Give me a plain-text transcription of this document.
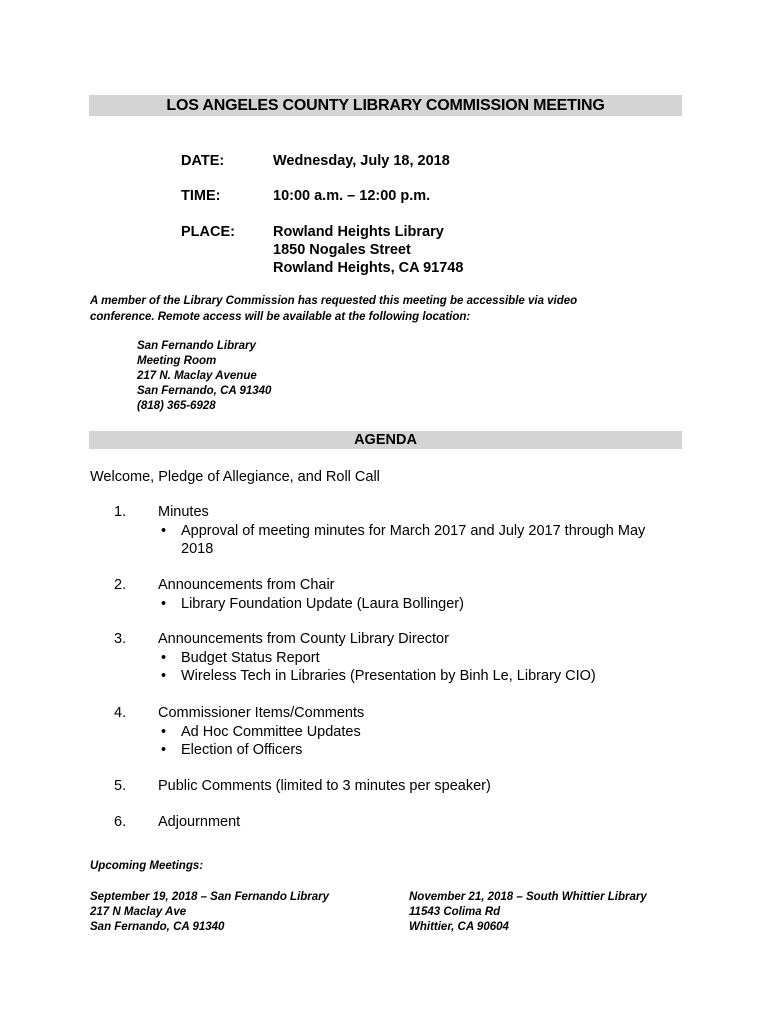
LOS ANGELES COUNTY LIBRARY COMMISSION MEETING
DATE:	Wednesday, July 18, 2018
TIME:	10:00 a.m. – 12:00 p.m.
PLACE:	Rowland Heights Library
1850 Nogales Street
Rowland Heights, CA 91748
A member of the Library Commission has requested this meeting be accessible via video
conference. Remote access will be available at the following location:
San Fernando Library
Meeting Room
217 N. Maclay Avenue
San Fernando, CA 91340
(818) 365-6928
AGENDA
Welcome, Pledge of Allegiance, and Roll Call
1. Minutes
• Approval of meeting minutes for March 2017 and July 2017 through May 2018
2. Announcements from Chair
• Library Foundation Update (Laura Bollinger)
3. Announcements from County Library Director
• Budget Status Report
• Wireless Tech in Libraries (Presentation by Binh Le, Library CIO)
4. Commissioner Items/Comments
• Ad Hoc Committee Updates
• Election of Officers
5. Public Comments (limited to 3 minutes per speaker)
6. Adjournment
Upcoming Meetings:
September 19, 2018 – San Fernando Library
217 N Maclay Ave
San Fernando, CA 91340
November 21, 2018 – South Whittier Library
11543 Colima Rd
Whittier, CA 90604
